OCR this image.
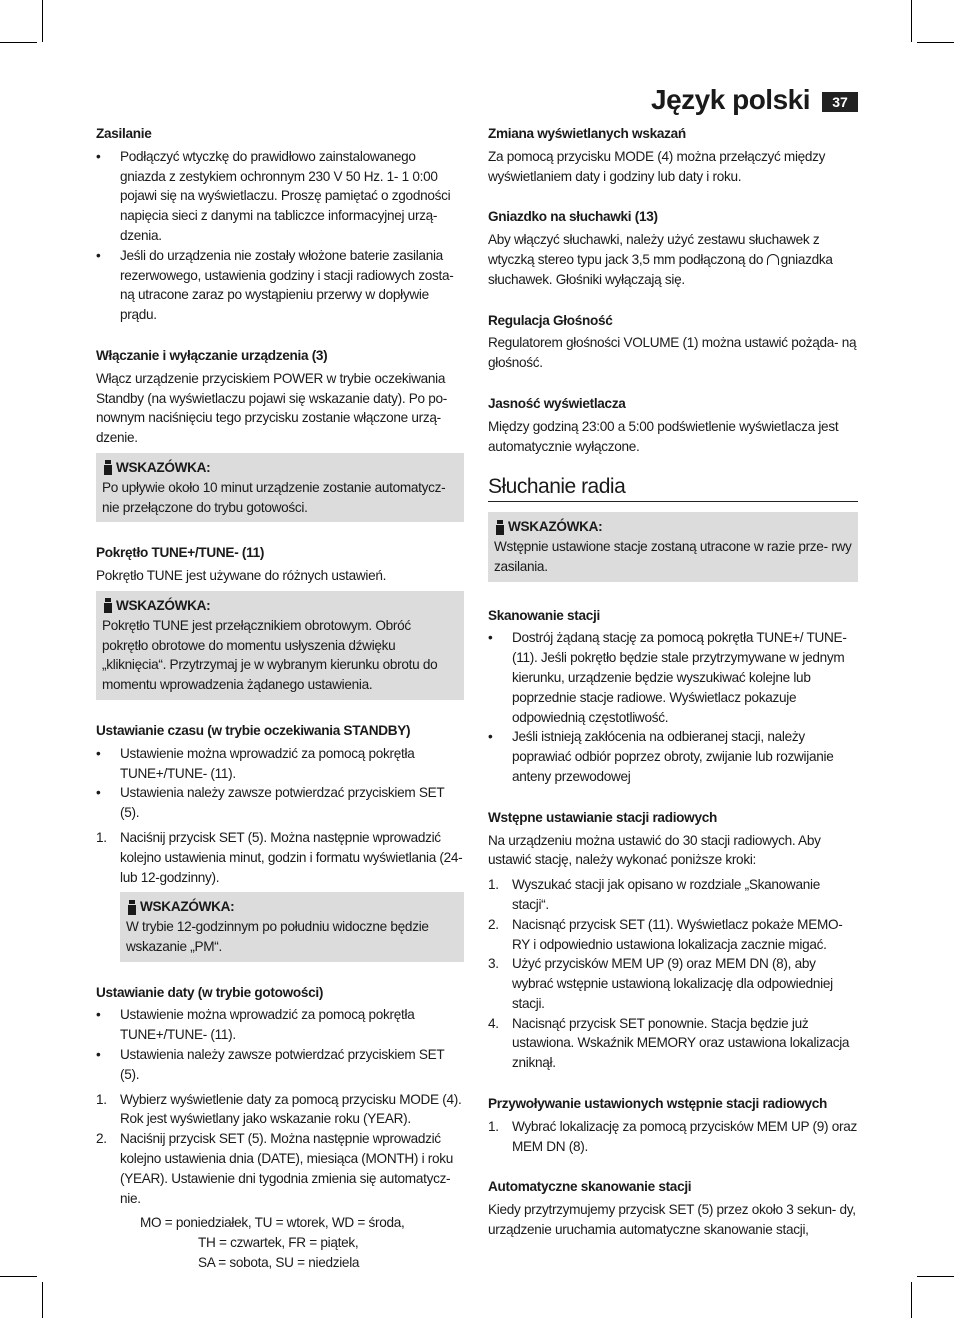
Język polski	37
Zasilanie
• Podłączyć wtyczkę do prawidłowo zainstalowanego gniazda z zestykiem ochronnym 230 V 50 Hz. 1- 1 0:00 pojawi się na wyświetlaczu. Proszę pamiętać o zgodności napięcia sieci z danymi na tabliczce informacyjnej urzą- dzenia.
• Jeśli do urządzenia nie zostały włożone baterie zasilania rezerwowego, ustawienia godziny i stacji radiowych zosta- ną utracone zaraz po wystąpieniu przerwy w dopływie prądu.
Włączanie i wyłączanie urządzenia (3)

Włącz urządzenie przyciskiem POWER w trybie oczekiwania Standby (na wyświetlaczu pojawi się wskazanie daty). Po po- nownym naciśnięciu tego przycisku zostanie włączone urzą- dzenie.

WSKAZÓWKA:
Po upływie około 10 minut urządzenie zostanie automatycz- nie przełączone do trybu gotowości.
Pokrętło TUNE+/TUNE- (11)

Pokrętło TUNE jest używane do różnych ustawień.

WSKAZÓWKA:
Pokrętło TUNE jest przełącznikiem obrotowym. Obróć pokrętło obrotowe do momentu usłyszenia dźwięku „kliknięcia“. Przytrzymaj je w wybranym kierunku obrotu do momentu wprowadzenia żądanego ustawienia.
Ustawianie czasu (w trybie oczekiwania STANDBY)
• Ustawienie można wprowadzić za pomocą pokrętła TUNE+/TUNE- (11).
• Ustawienia należy zawsze potwierdzać przyciskiem SET (5).
1. Naciśnij przycisk SET (5). Można następnie wprowadzić kolejno ustawienia minut, godzin i formatu wyświetlania (24- lub 12-godzinny).
WSKAZÓWKA:
W trybie 12-godzinnym po południu widoczne będzie wskazanie „PM“.
Ustawianie daty (w trybie gotowości)
• Ustawienie można wprowadzić za pomocą pokrętła TUNE+/TUNE- (11).
• Ustawienia należy zawsze potwierdzać przyciskiem SET (5).
1. Wybierz wyświetlenie daty za pomocą przycisku MODE (4). Rok jest wyświetlany jako wskazanie roku (YEAR).
2. Naciśnij przycisk SET (5). Można następnie wprowadzić kolejno ustawienia dnia (DATE), miesiąca (MONTH) i roku (YEAR). Ustawienie dni tygodnia zmienia się automatycz- nie.
MO = poniedziałek, TU = wtorek, WD = środa,
TH = czwartek, FR = piątek,
SA = sobota, SU = niedziela
Zmiana wyświetlanych wskazań

Za pomocą przycisku MODE (4) można przełączyć między wyświetlaniem daty i godziny lub daty i roku.

Gniazdko na słuchawki (13)

Aby włączyć słuchawki, należy użyć zestawu słuchawek z wtyczką stereo typu jack 3,5 mm podłączoną do gniazdka słuchawek. Głośniki wyłączają się.

Regulacja Głośność

Regulatorem głośności VOLUME (1) można ustawić pożąda- ną głośność.

Jasność wyświetlacza

Między godziną 23:00 a 5:00 podświetlenie wyświetlacza jest automatycznie wyłączone.

Słuchanie radia
WSKAZÓWKA:
Wstępnie ustawione stacje zostaną utracone w razie prze- rwy zasilania.
Skanowanie stacji
• Dostrój żądaną stację za pomocą pokrętła TUNE+/ TUNE- (11). Jeśli pokrętło będzie stale przytrzymywane w jednym kierunku, urządzenie będzie wyszukiwać kolejne lub poprzednie stacje radiowe. Wyświetlacz pokazuje odpowiednią częstotliwość.
• Jeśli istnieją zakłócenia na odbieranej stacji, należy poprawiać odbiór poprzez obroty, zwijanie lub rozwijanie anteny przewodowej
Wstępne ustawianie stacji radiowych

Na urządzeniu można ustawić do 30 stacji radiowych. Aby ustawić stację, należy wykonać poniższe kroki:

1. Wyszukać stacji jak opisano w rozdziale „Skanowanie stacji“.
2. Nacisnąć przycisk SET (11). Wyświetlacz pokaże MEMO- RY i odpowiednio ustawiona lokalizacja zacznie migać.
3. Użyć przycisków MEM UP (9) oraz MEM DN (8), aby wybrać wstępnie ustawioną lokalizację dla odpowiedniej stacji.
4. Nacisnąć przycisk SET ponownie. Stacja będzie już ustawiona. Wskaźnik MEMORY oraz ustawiona lokalizacja zniknął.
Przywoływanie ustawionych wstępnie stacji radiowych
1. Wybrać lokalizację za pomocą przycisków MEM UP (9) oraz MEM DN (8).
Automatyczne skanowanie stacji

Kiedy przytrzymujemy przycisk SET (5) przez około 3 sekun- dy, urządzenie uruchamia automatyczne skanowanie stacji,
